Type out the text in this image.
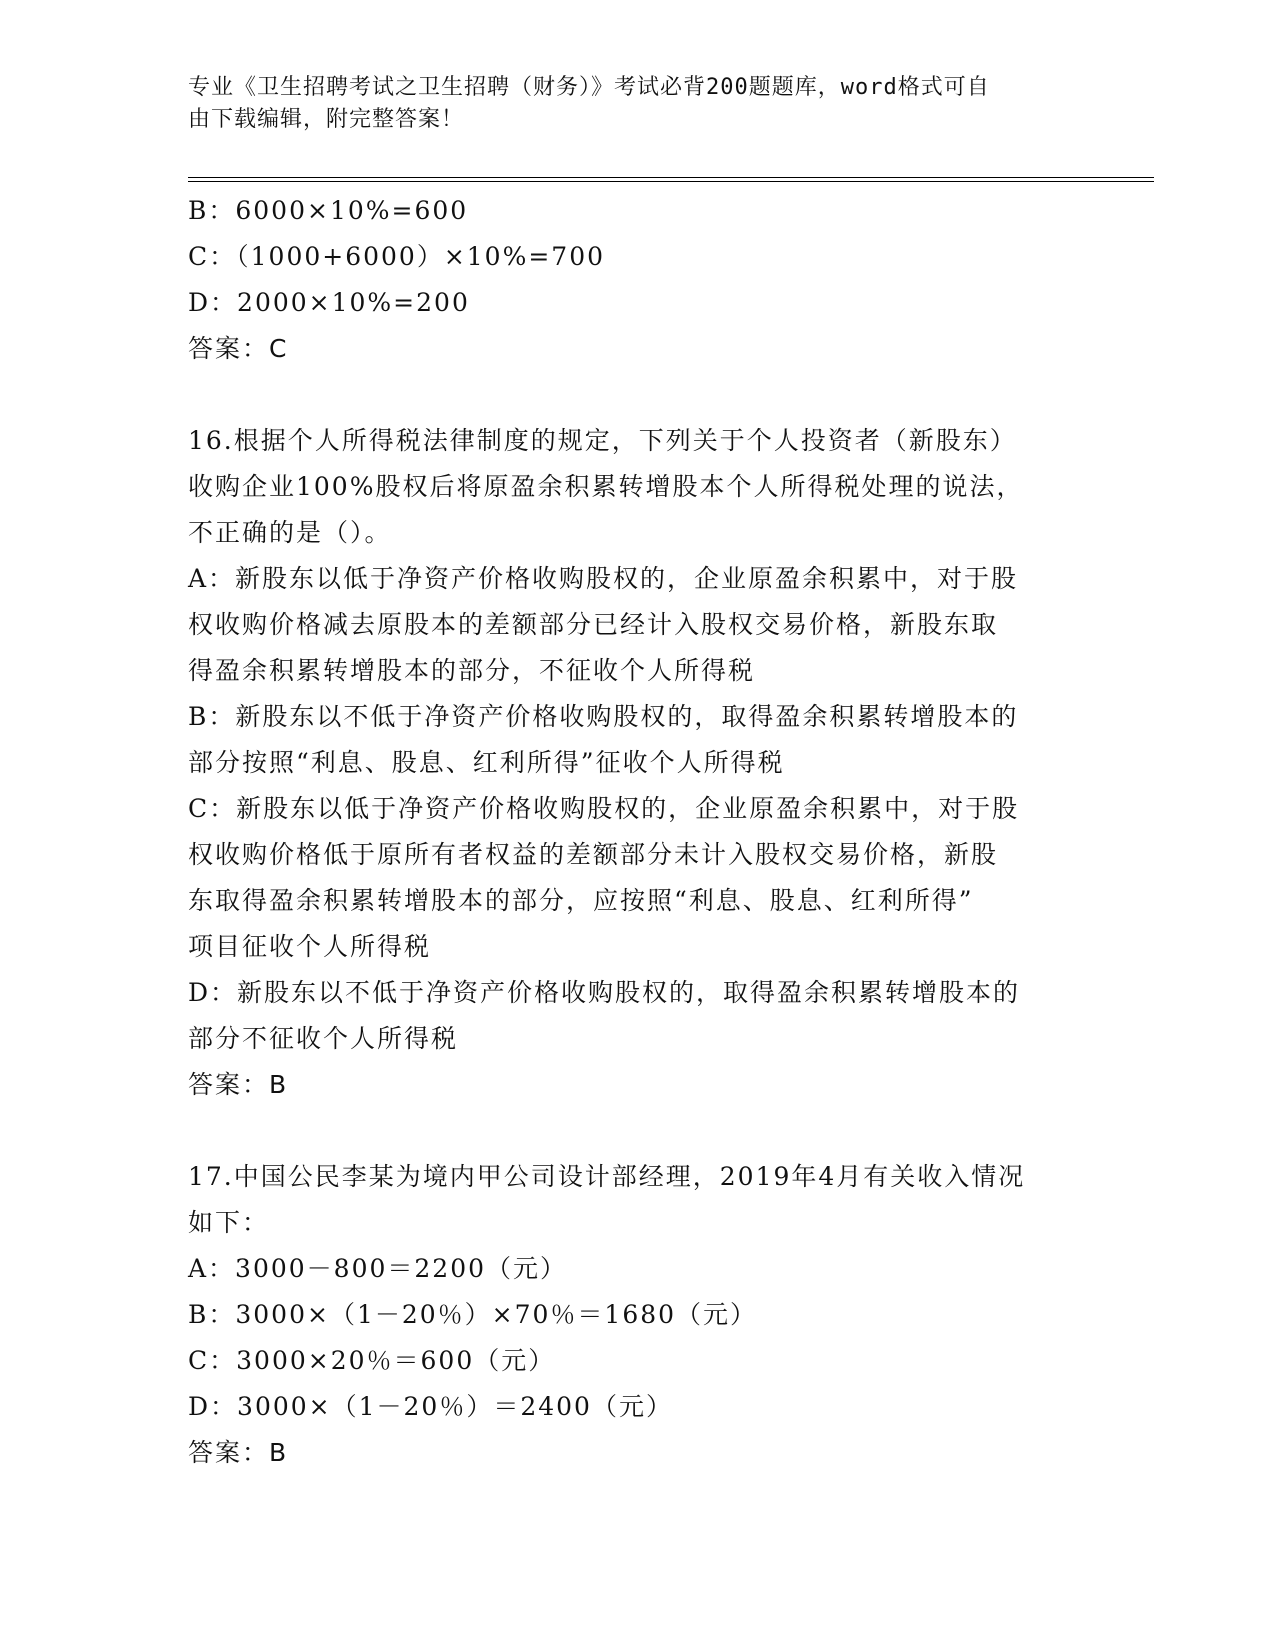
专业《卫生招聘考试之卫生招聘（财务）》考试必背200题题库，word格式可自
由下载编辑，附完整答案！
B：6000×10%=600
C：（1000+6000）×10%=700
D：2000×10%=200
答案：C
16.根据个人所得税法律制度的规定，下列关于个人投资者（新股东）
收购企业100%股权后将原盈余积累转增股本个人所得税处理的说法，
不正确的是（）。
A：新股东以低于净资产价格收购股权的，企业原盈余积累中，对于股
权收购价格减去原股本的差额部分已经计入股权交易价格，新股东取
得盈余积累转增股本的部分，不征收个人所得税
B：新股东以不低于净资产价格收购股权的，取得盈余积累转增股本的
部分按照“利息、股息、红利所得”征收个人所得税
C：新股东以低于净资产价格收购股权的，企业原盈余积累中，对于股
权收购价格低于原所有者权益的差额部分未计入股权交易价格，新股
东取得盈余积累转增股本的部分，应按照“利息、股息、红利所得”
项目征收个人所得税
D：新股东以不低于净资产价格收购股权的，取得盈余积累转增股本的
部分不征收个人所得税
答案：B
17.中国公民李某为境内甲公司设计部经理，2019年4月有关收入情况
如下：
A：3000－800＝2200（元）
B：3000×（1－20％）×70％＝1680（元）
C：3000×20％＝600（元）
D：3000×（1－20％）＝2400（元）
答案：B
